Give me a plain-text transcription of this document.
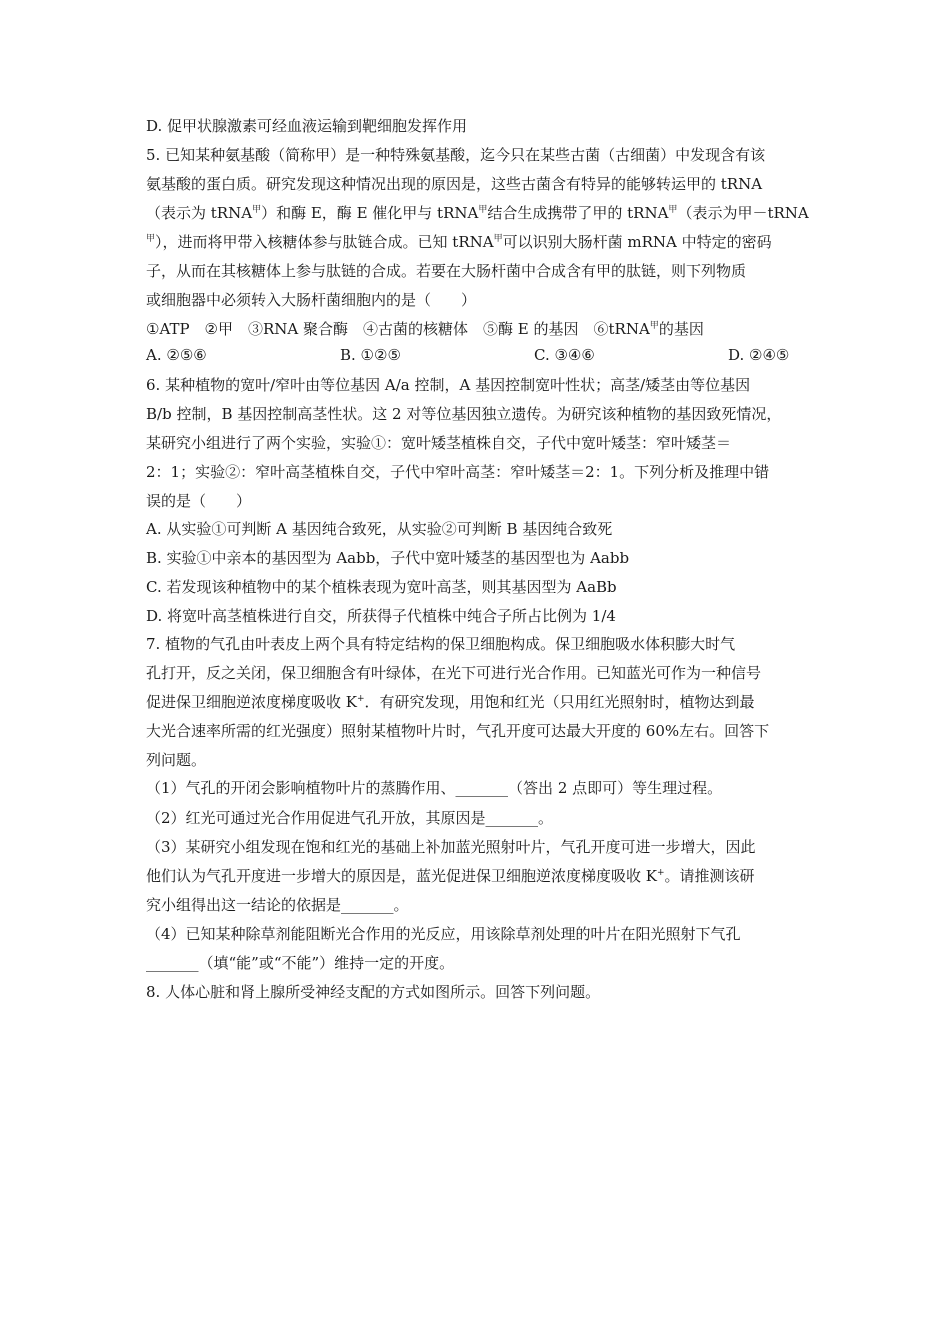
D. 促甲状腺激素可经血液运输到靶细胞发挥作用
5. 已知某种氨基酸（简称甲）是一种特殊氨基酸，迄今只在某些古菌（古细菌）中发现含有该
氨基酸的蛋白质。研究发现这种情况出现的原因是，这些古菌含有特异的能够转运甲的 tRNA
（表示为 tRNA$^甲$）和酶 E，酶 E 催化甲与 tRNA$^甲$结合生成携带了甲的 tRNA$^甲$（表示为甲－tRNA
$^甲$），进而将甲带入核糖体参与肽链合成。已知 tRNA$^甲$可以识别大肠杆菌 mRNA 中特定的密码
子，从而在其核糖体上参与肽链的合成。若要在大肠杆菌中合成含有甲的肽链，则下列物质
或细胞器中必须转入大肠杆菌细胞内的是（　　）
①ATP　②甲　③RNA 聚合酶　④古菌的核糖体　⑤酶 E 的基因　⑥tRNA$^甲$的基因
6. 某种植物的宽叶/窄叶由等位基因 A/a 控制，A 基因控制宽叶性状；高茎/矮茎由等位基因
B/b 控制，B 基因控制高茎性状。这 2 对等位基因独立遗传。为研究该种植物的基因致死情况，
某研究小组进行了两个实验，实验①：宽叶矮茎植株自交，子代中宽叶矮茎：窄叶矮茎＝
2：1；实验②：窄叶高茎植株自交，子代中窄叶高茎：窄叶矮茎＝2：1。下列分析及推理中错
误的是（　　）
A. 从实验①可判断 A 基因纯合致死，从实验②可判断 B 基因纯合致死
B. 实验①中亲本的基因型为 Aabb，子代中宽叶矮茎的基因型也为 Aabb
C. 若发现该种植物中的某个植株表现为宽叶高茎，则其基因型为 AaBb
D. 将宽叶高茎植株进行自交，所获得子代植株中纯合子所占比例为 1/4
7. 植物的气孔由叶表皮上两个具有特定结构的保卫细胞构成。保卫细胞吸水体积膨大时气
孔打开，反之关闭，保卫细胞含有叶绿体，在光下可进行光合作用。已知蓝光可作为一种信号
促进保卫细胞逆浓度梯度吸收 K+．有研究发现，用饱和红光（只用红光照射时，植物达到最
大光合速率所需的红光强度）照射某植物叶片时，气孔开度可达最大开度的 60%左右。回答下
列问题。
（1）气孔的开闭会影响植物叶片的蒸腾作用、_______（答出 2 点即可）等生理过程。
（2）红光可通过光合作用促进气孔开放，其原因是_______。
（3）某研究小组发现在饱和红光的基础上补加蓝光照射叶片，气孔开度可进一步增大，因此
他们认为气孔开度进一步增大的原因是，蓝光促进保卫细胞逆浓度梯度吸收 K+。请推测该研
究小组得出这一结论的依据是_______。
（4）已知某种除草剂能阻断光合作用的光反应，用该除草剂处理的叶片在阳光照射下气孔
_______（填“能”或“不能”）维持一定的开度。
8. 人体心脏和肾上腺所受神经支配的方式如图所示。回答下列问题。
A. ②⑤⑥	B. ①②⑤	C. ③④⑥	D. ②④⑤
